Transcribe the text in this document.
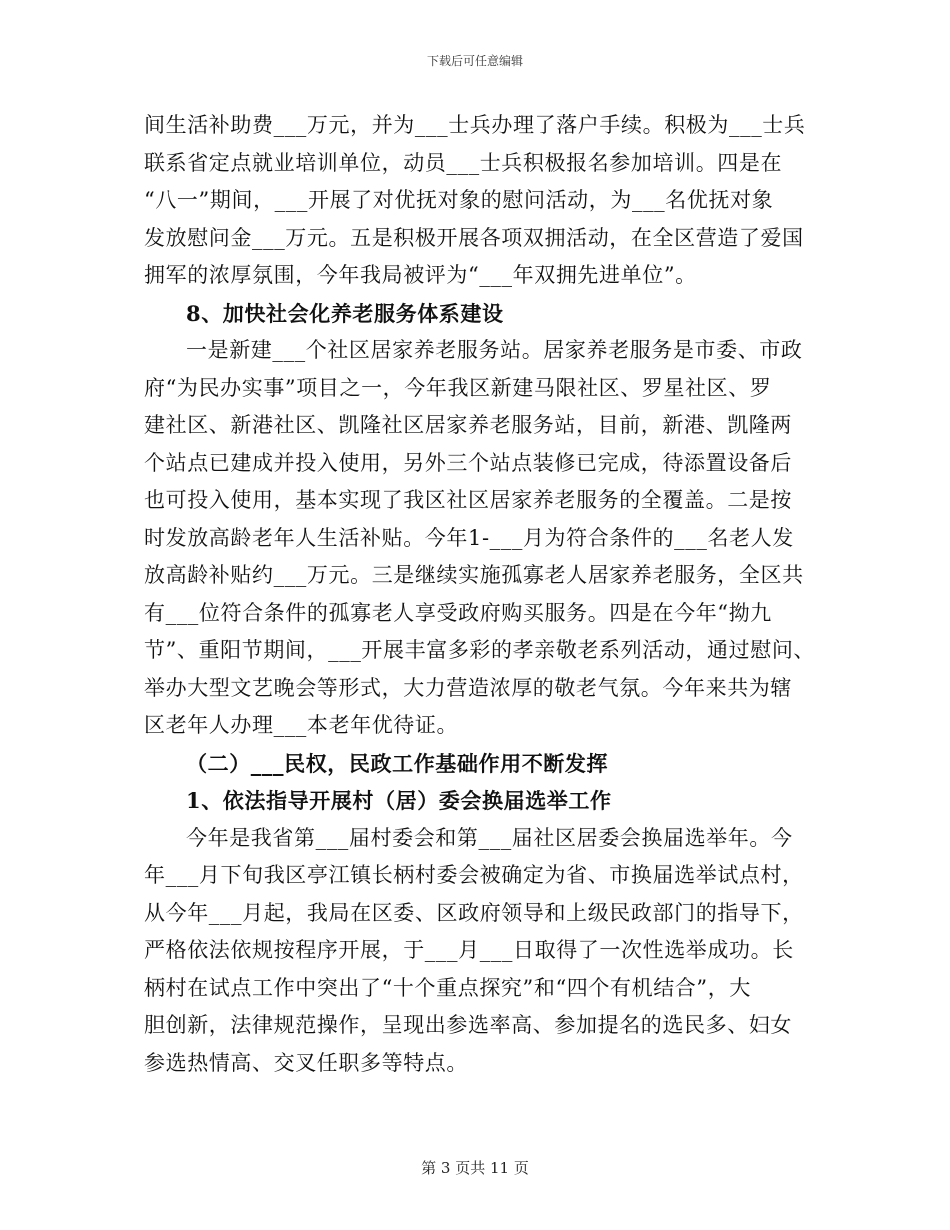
下载后可任意编辑
间生活补助费___万元，并为___士兵办理了落户手续。积极为___士兵
联系省定点就业培训单位，动员___士兵积极报名参加培训。四是在
“八一”期间，___开展了对优抚对象的慰问活动，为___名优抚对象
发放慰问金___万元。五是积极开展各项双拥活动，在全区营造了爱国
拥军的浓厚氛围，今年我局被评为“___年双拥先进单位”。
8、加快社会化养老服务体系建设
一是新建___个社区居家养老服务站。居家养老服务是市委、市政
府“为民办实事”项目之一，今年我区新建马限社区、罗星社区、罗
建社区、新港社区、凯隆社区居家养老服务站，目前，新港、凯隆两
个站点已建成并投入使用，另外三个站点装修已完成，待添置设备后
也可投入使用，基本实现了我区社区居家养老服务的全覆盖。二是按
时发放高龄老年人生活补贴。今年1-___月为符合条件的___名老人发
放高龄补贴约___万元。三是继续实施孤寡老人居家养老服务，全区共
有___位符合条件的孤寡老人享受政府购买服务。四是在今年“拗九
节”、重阳节期间，___开展丰富多彩的孝亲敬老系列活动，通过慰问、
举办大型文艺晚会等形式，大力营造浓厚的敬老气氛。今年来共为辖
区老年人办理___本老年优待证。
（二）___民权，民政工作基础作用不断发挥
1、依法指导开展村（居）委会换届选举工作
今年是我省第___届村委会和第___届社区居委会换届选举年。今
年___月下旬我区亭江镇长柄村委会被确定为省、市换届选举试点村，
从今年___月起，我局在区委、区政府领导和上级民政部门的指导下，
严格依法依规按程序开展，于___月___日取得了一次性选举成功。长
柄村在试点工作中突出了“十个重点探究”和“四个有机结合”，大
胆创新，法律规范操作，呈现出参选率高、参加提名的选民多、妇女
参选热情高、交叉任职多等特点。
第 3 页共 11 页
